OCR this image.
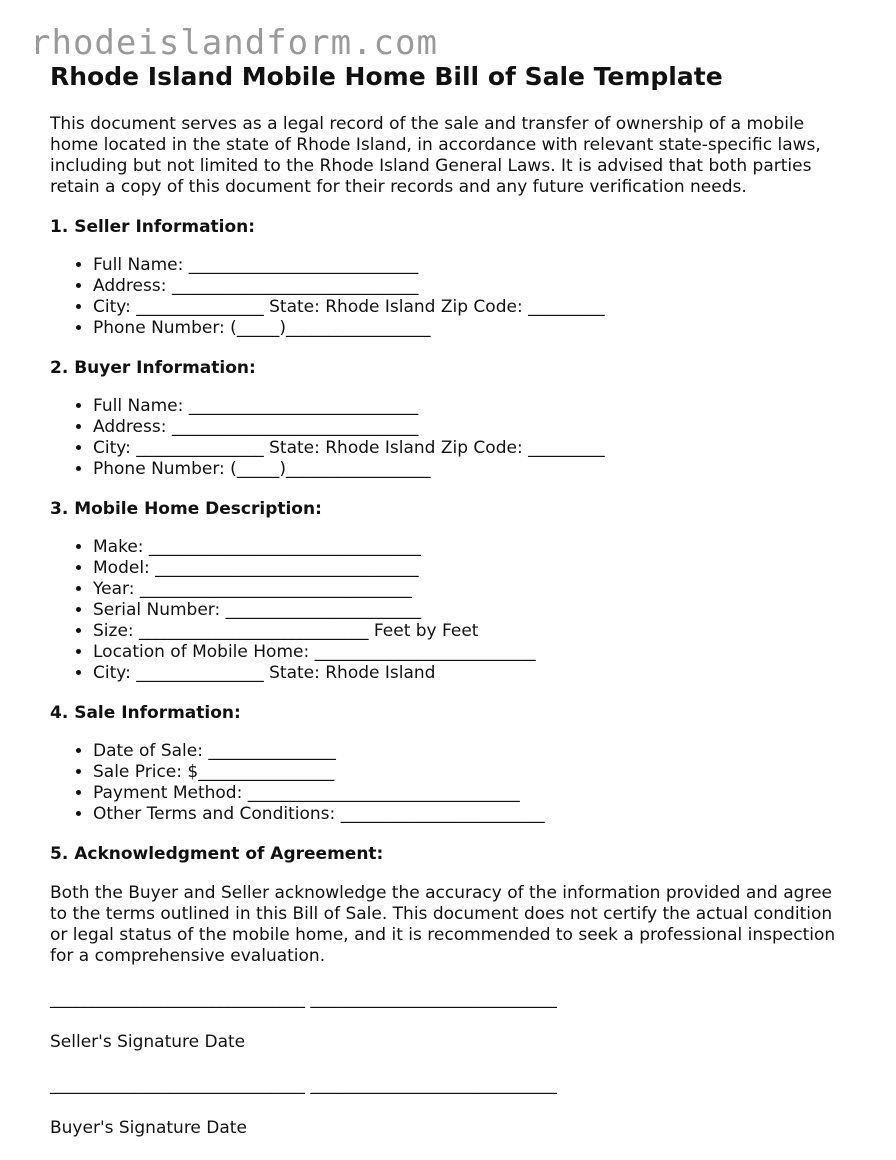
rhodeislandform.com
Rhode Island Mobile Home Bill of Sale Template

This document serves as a legal record of the sale and transfer of ownership of a mobile home located in the state of Rhode Island, in accordance with relevant state-specific laws, including but not limited to the Rhode Island General Laws. It is advised that both parties retain a copy of this document for their records and any future verification needs.

1. Seller Information:
• Full Name: ___________________________
• Address: _____________________________
• City: _______________ State: Rhode Island Zip Code: _________
• Phone Number: (_____)_________________
2. Buyer Information:
• Full Name: ___________________________
• Address: _____________________________
• City: _______________ State: Rhode Island Zip Code: _________
• Phone Number: (_____)_________________
3. Mobile Home Description:
• Make: ________________________________
• Model: _______________________________
• Year: ________________________________
• Serial Number: _______________________
• Size: ___________________________ Feet by Feet
• Location of Mobile Home: __________________________
• City: _______________ State: Rhode Island
4. Sale Information:
• Date of Sale: _______________
• Sale Price: $________________
• Payment Method: ________________________________
• Other Terms and Conditions: ________________________
5. Acknowledgment of Agreement:

Both the Buyer and Seller acknowledge the accuracy of the information provided and agree to the terms outlined in this Bill of Sale. This document does not certify the actual condition or legal status of the mobile home, and it is recommended to seek a professional inspection for a comprehensive evaluation.

______________________________ _____________________________
Seller's Signature Date
______________________________ _____________________________
Buyer's Signature Date
